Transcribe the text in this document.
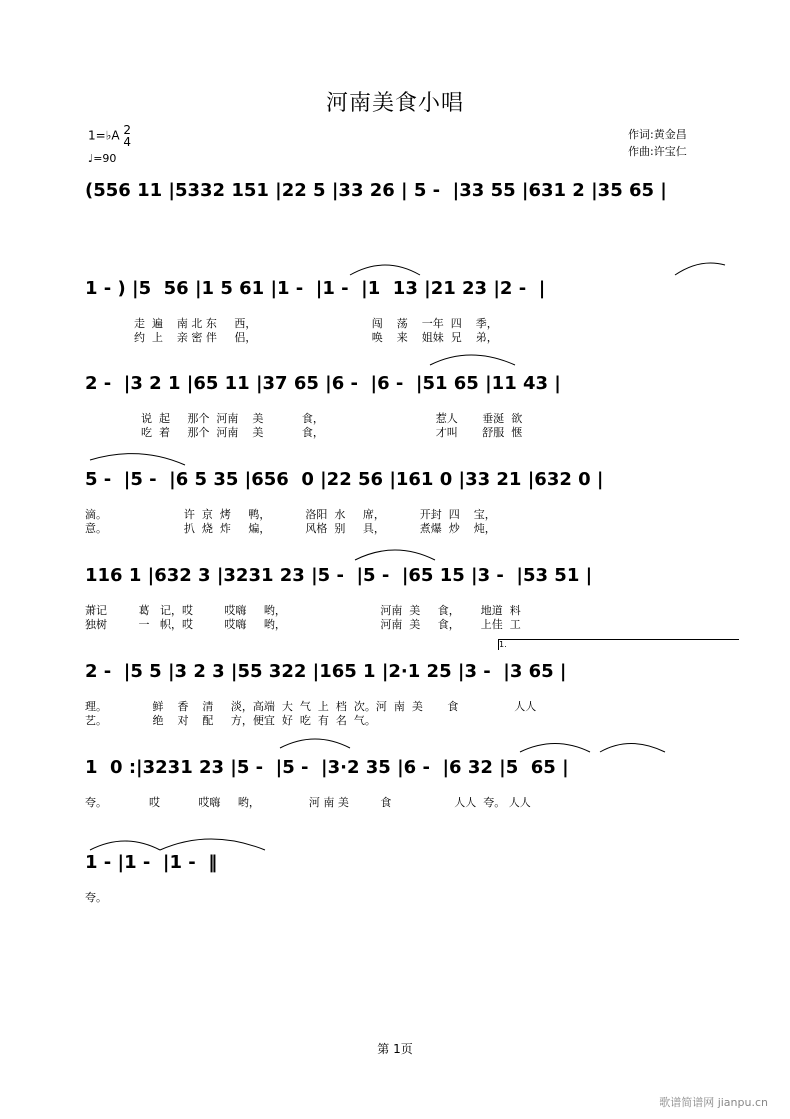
河南美食小唱
1=♭A 2
4
♩=90
作词:黄金昌
作曲:许宝仁
(556 11 |5332 151 |22 5 |33 26 | 5 -  |33 55 |631 2 |35 65 |
1 - ) |5  56 |1 5 61 |1 -  |1 -  |1  13 |21 23 |2 -  |
走  遍    南 北 东     西，                                 闯    荡    一年  四    季，
约  上    亲 密 伴     侣，                                 唤    来    姐妹  兄    弟，
2 -  |3 2 1 |65 11 |37 65 |6 -  |6 -  |51 65 |11 43 |
说  起     那个  河南    美           食，                                惹人       垂涎  欲
吃  着     那个  河南    美           食，                                才叫       舒服  惬
5 -  |5 -  |6 5 35 |656  0 |22 56 |161 0 |33 21 |632 0 |
滴。                      许  京  烤     鸭，          洛阳  水     席，          开封  四    宝，
意。                      扒  烧  炸     煸，          风格  别     具，          煮爆  炒    炖，
116 1 |632 3 |3231 23 |5 -  |5 -  |65 15 |3 -  |53 51 |
萧记         葛   记，哎         哎嗨     哟，                           河南  美     食，      地道  料
独树         一   帜，哎         哎嗨     哟，                           河南  美     食，      上佳  工
1.
2 -  |5 5 |3 2 3 |55 322 |165 1 |2·1 25 |3 -  |3 65 |
理。             鲜    香    清     淡，高端  大  气  上  档  次。河  南  美       食                人人
艺。             绝    对    配     方，便宜  好  吃  有  名  气。
1  0 :|3231 23 |5 -  |5 -  |3·2 35 |6 -  |6 32 |5  65 |
夸。            哎           哎嗨     哟，              河 南 美         食                  人人  夸。 人人
1 - |1 -  |1 -  ‖
夸。
第 1页
歌谱简谱网 jianpu.cn
